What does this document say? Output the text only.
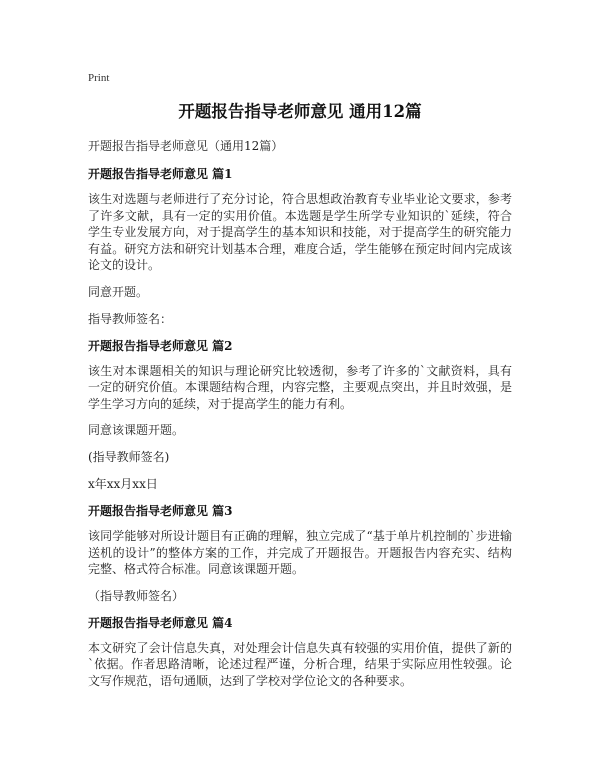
Print
开题报告指导老师意见 通用12篇

开题报告指导老师意见（通用12篇）

开题报告指导老师意见 篇1

该生对选题与老师进行了充分讨论，符合思想政治教育专业毕业论文要求，参考了许多文献，具有一定的实用价值。本选题是学生所学专业知识的`延续，符合学生专业发展方向，对于提高学生的基本知识和技能，对于提高学生的研究能力有益。研究方法和研究计划基本合理，难度合适，学生能够在预定时间内完成该论文的设计。

同意开题。

指导教师签名：

开题报告指导老师意见 篇2

该生对本课题相关的知识与理论研究比较透彻，参考了许多的`文献资料，具有一定的研究价值。本课题结构合理，内容完整，主要观点突出，并且时效强，是学生学习方向的延续，对于提高学生的能力有利。

同意该课题开题。

(指导教师签名)

x年xx月xx日

开题报告指导老师意见 篇3

该同学能够对所设计题目有正确的理解，独立完成了“基于单片机控制的`步进输送机的设计”的整体方案的工作，并完成了开题报告。开题报告内容充实、结构完整、格式符合标准。同意该课题开题。

（指导教师签名）

开题报告指导老师意见 篇4

本文研究了会计信息失真，对处理会计信息失真有较强的实用价值，提供了新的`依据。作者思路清晰，论述过程严谨，分析合理，结果于实际应用性较强。论文写作规范，语句通顺，达到了学校对学位论文的各种要求。
